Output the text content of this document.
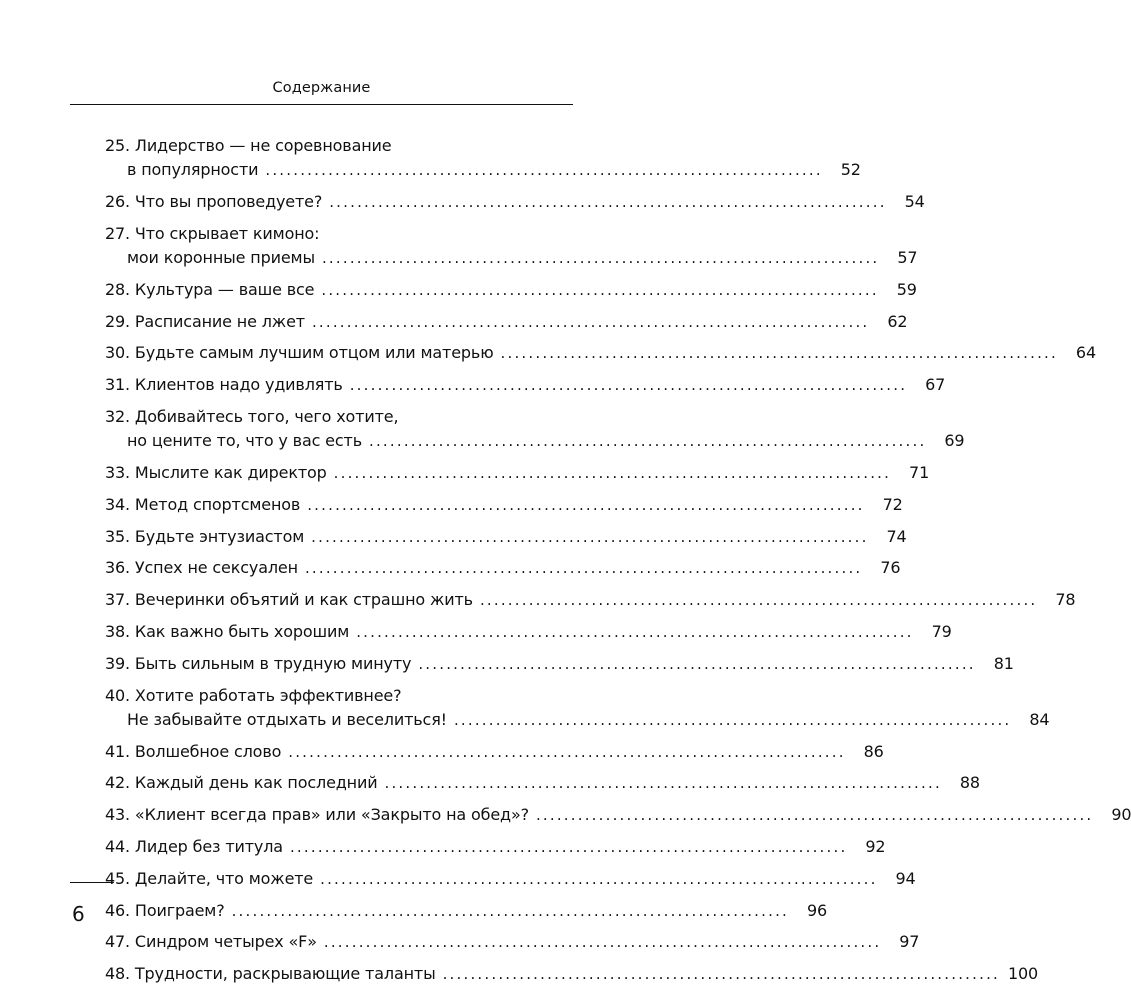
Содержание
25. Лидерство — не соревнование
в популярности ................................................................................	52
26. Что вы проповедуете? ................................................................................	54
27. Что скрывает кимоно:
мои коронные приемы ................................................................................	57
28. Культура — ваше все ................................................................................	59
29. Расписание не лжет ................................................................................	62
30. Будьте самым лучшим отцом или матерью ................................................................................	64
31. Клиентов надо удивлять ................................................................................	67
32. Добивайтесь того, чего хотите,
но цените то, что у вас есть ................................................................................	69
33. Мыслите как директор ................................................................................	71
34. Метод спортсменов ................................................................................	72
35. Будьте энтузиастом ................................................................................	74
36. Успех не сексуален ................................................................................	76
37. Вечеринки объятий и как страшно жить ................................................................................	78
38. Как важно быть хорошим ................................................................................	79
39. Быть сильным в трудную минуту ................................................................................	81
40. Хотите работать эффективнее?
Не забывайте отдыхать и веселиться! ................................................................................	84
41. Волшебное слово ................................................................................	86
42. Каждый день как последний ................................................................................	88
43. «Клиент всегда прав» или «Закрыто на обед»? ................................................................................	90
44. Лидер без титула ................................................................................	92
45. Делайте, что можете ................................................................................	94
46. Поиграем? ................................................................................	96
47. Синдром четырех «F» ................................................................................	97
48. Трудности, раскрывающие таланты ................................................................................ 100
6
